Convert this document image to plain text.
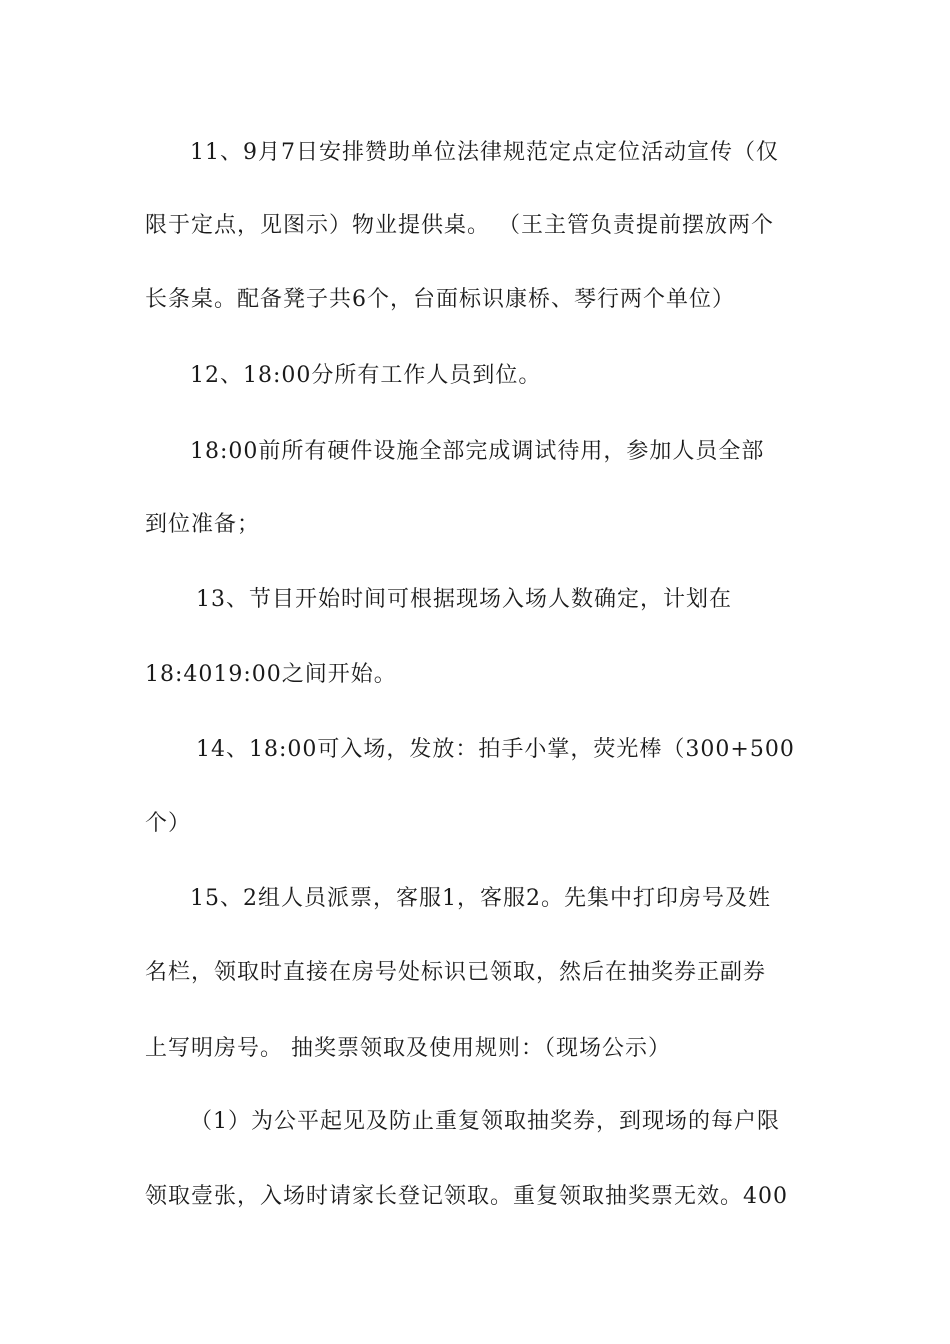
11、9月7日安排赞助单位法律规范定点定位活动宣传（仅
限于定点，见图示）物业提供桌。 （王主管负责提前摆放两个
长条桌。配备凳子共6个，台面标识康桥、琴行两个单位）
12、18:00分所有工作人员到位。
18:00前所有硬件设施全部完成调试待用，参加人员全部
到位准备；
13、节目开始时间可根据现场入场人数确定，计划在
18:4019:00之间开始。
14、18:00可入场，发放：拍手小掌，荧光棒（300+500
个）
15、2组人员派票，客服1，客服2。先集中打印房号及姓
名栏，领取时直接在房号处标识已领取，然后在抽奖券正副券
上写明房号。 抽奖票领取及使用规则：（现场公示）
（1）为公平起见及防止重复领取抽奖券，到现场的每户限
领取壹张，入场时请家长登记领取。重复领取抽奖票无效。400
